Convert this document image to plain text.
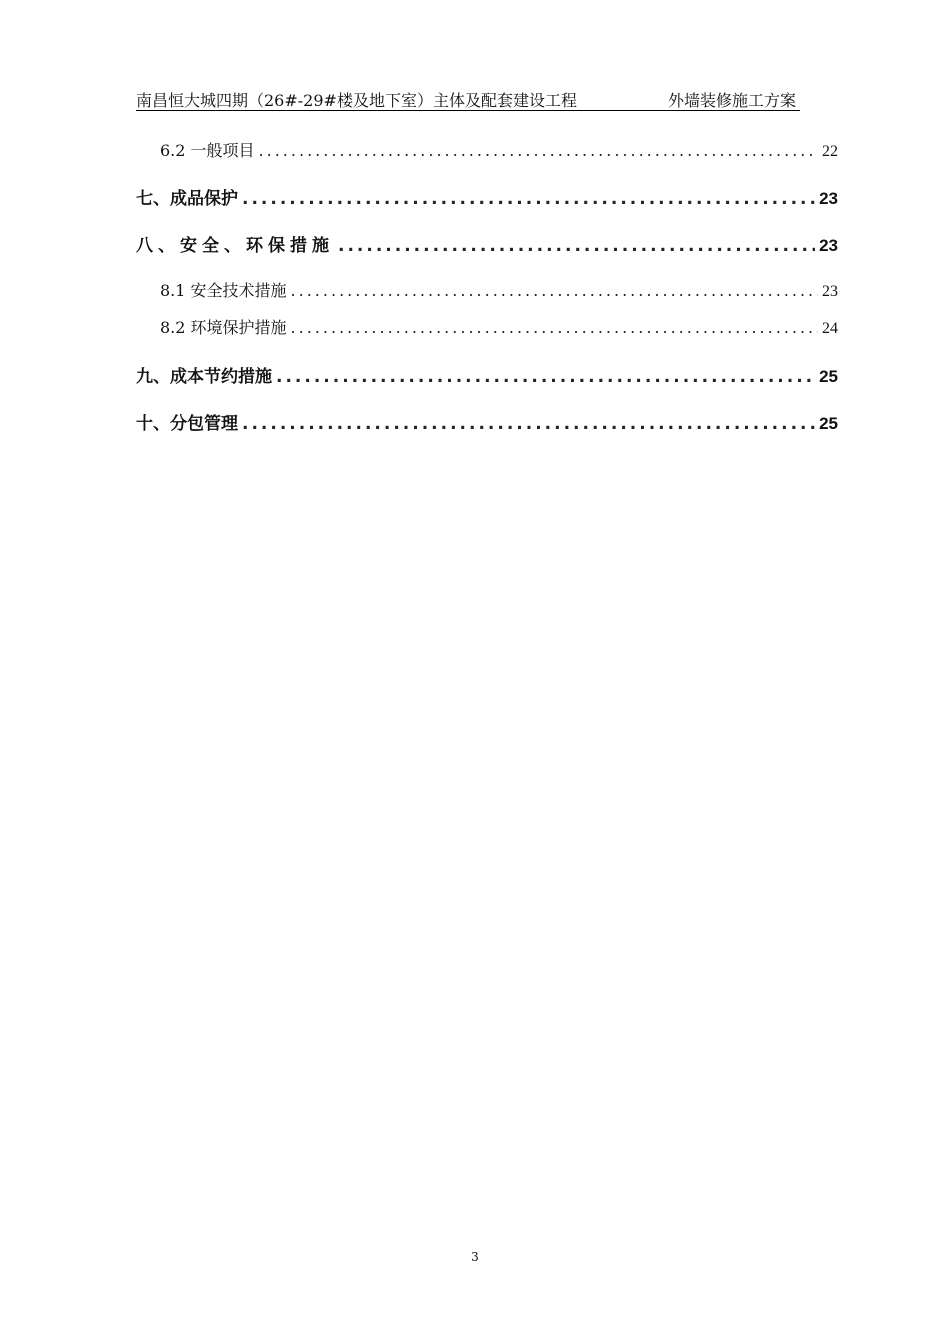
南昌恒大城四期（26#-29#楼及地下室）主体及配套建设工程	外墙装修施工方案
6.2 一般项目 .....	22
七、成品保护 .....	23
八、安全、环保措施 .....	23
8.1 安全技术措施 .....	23
8.2 环境保护措施 .....	24
九、成本节约措施 .....	25
十、分包管理 .....	25
3
